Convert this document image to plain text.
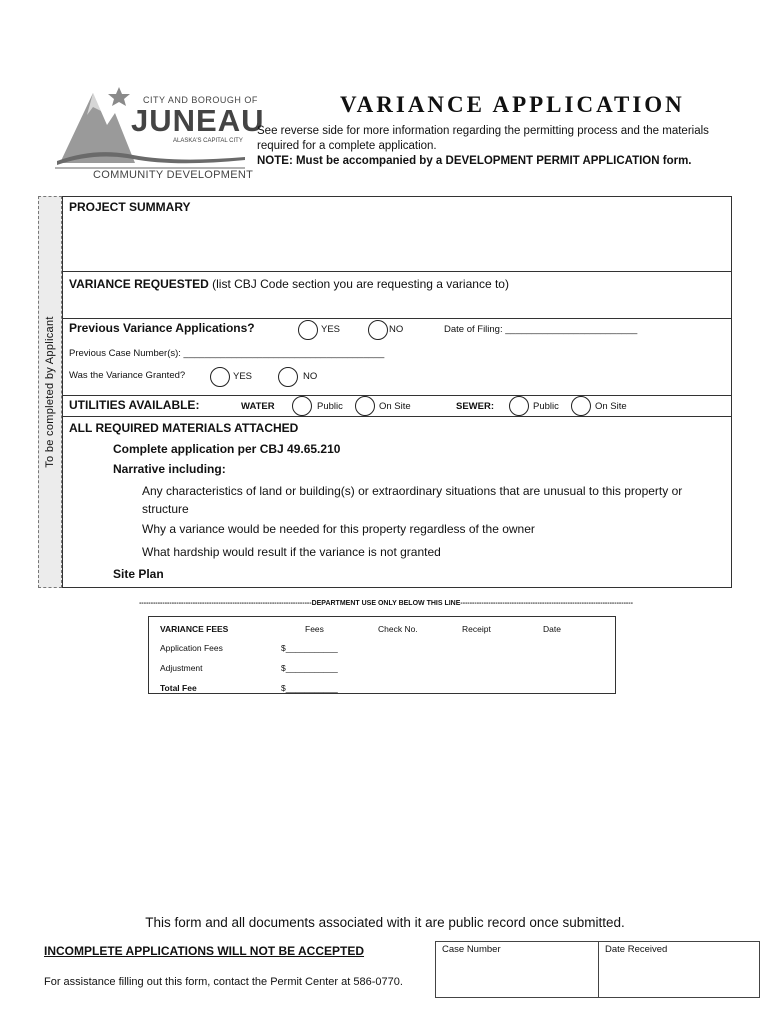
CITY AND BOROUGH OF
JUNEAU
ALASKA'S CAPITAL CITY
COMMUNITY DEVELOPMENT
VARIANCE APPLICATION
See reverse side for more information regarding the permitting process and the materials required for a complete application.
NOTE: Must be accompanied by a DEVELOPMENT PERMIT APPLICATION form.
To be completed by Applicant
PROJECT SUMMARY
VARIANCE REQUESTED (list CBJ Code section you are requesting a variance to)
Previous Variance Applications?	YES	NO	Date of Filing: _________________________
Previous Case Number(s): ______________________________________
Was the Variance Granted?	YES	NO
UTILITIES AVAILABLE:	WATER	Public	On Site	SEWER:	Public	On Site
ALL REQUIRED MATERIALS ATTACHED
Complete application per CBJ 49.65.210
Narrative including:
Any characteristics of land or building(s) or extraordinary situations that are unusual to this property or structure
Why a variance would be needed for this property regardless of the owner
What hardship would result if the variance is not granted
Site Plan
--------------------------------------------------------------------------DEPARTMENT USE ONLY BELOW THIS LINE--------------------------------------------------------------------------
VARIANCE FEES	Fees	Check No.	Receipt	Date
Application Fees	$___________
Adjustment	$___________
Total Fee	$___________
This form and all documents associated with it are public record once submitted.
INCOMPLETE APPLICATIONS WILL NOT BE ACCEPTED
For assistance filling out this form, contact the Permit Center at 586-0770.
Case Number	Date Received
